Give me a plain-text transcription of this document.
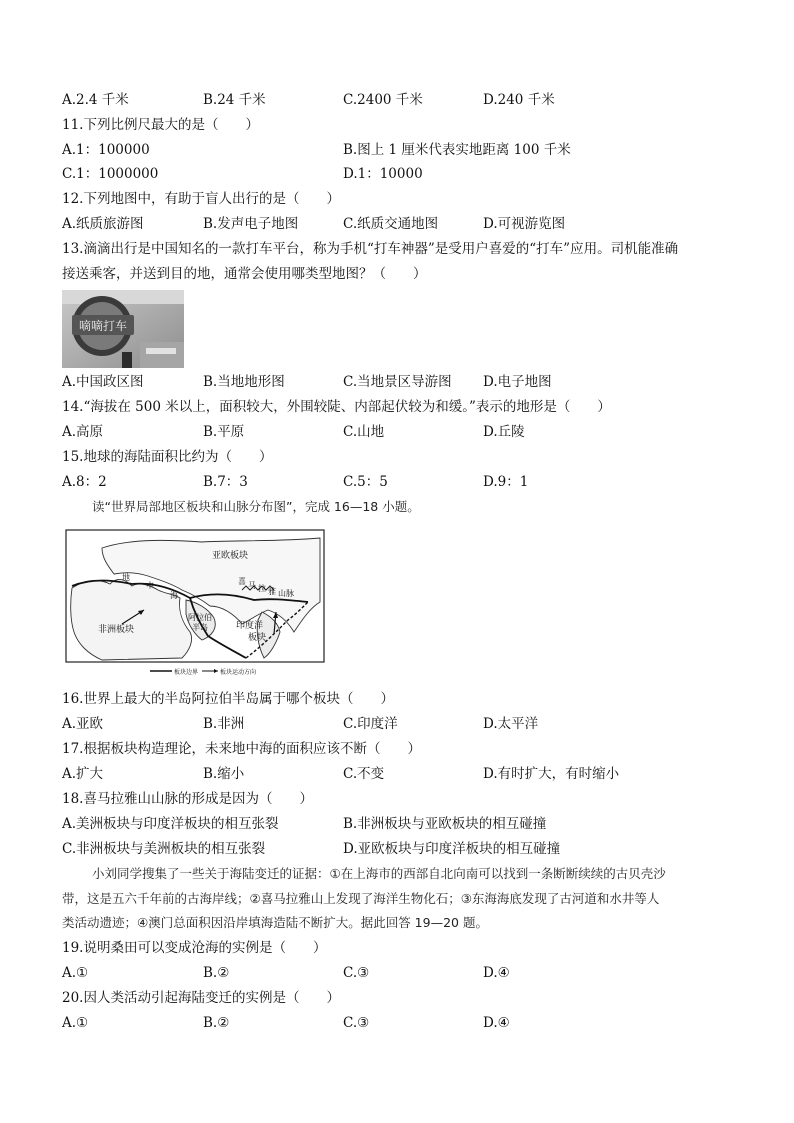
A.2.4 千米	B.24 千米	C.2400 千米	D.240 千米
11.下列比例尺最大的是（　　）
A.1：100000	B.图上 1 厘米代表实地距离 100 千米
C.1：1000000	D.1：10000
12.下列地图中，有助于盲人出行的是（　　）
A.纸质旅游图	B.发声电子地图	C.纸质交通地图	D.可视游览图
13.滴滴出行是中国知名的一款打车平台，称为手机“打车神器”是受用户喜爱的“打车”应用。司机能准确
接送乘客，并送到目的地，通常会使用哪类型地图？（　　）
嘀嘀打车
A.中国政区图	B.当地地形图	C.当地景区导游图 D.电子地图
14.“海拔在 500 米以上，面积较大，外围较陡、内部起伏较为和缓。”表示的地形是（　　）
A.高原	B.平原	C.山地	D.丘陵
15.地球的海陆面积比约为（　　）
A.8：2	B.7：3	C.5：5	D.9：1
读“世界局部地区板块和山脉分布图”，完成 16—18 小题。
亚欧板块
非洲板块	印度洋
板块
阿拉伯
半岛
喜 马 拉 雅 山脉
地
中
海
板块边界	板块运动方向
16.世界上最大的半岛阿拉伯半岛属于哪个板块（　　）
A.亚欧	B.非洲	C.印度洋	D.太平洋
17.根据板块构造理论，未来地中海的面积应该不断（　　）
A.扩大	B.缩小	C.不变	D.有时扩大，有时缩小
18.喜马拉雅山山脉的形成是因为（　　）
A.美洲板块与印度洋板块的相互张裂	B.非洲板块与亚欧板块的相互碰撞
C.非洲板块与美洲板块的相互张裂	D.亚欧板块与印度洋板块的相互碰撞
小刘同学搜集了一些关于海陆变迁的证据：①在上海市的西部自北向南可以找到一条断断续续的古贝壳沙
带，这是五六千年前的古海岸线；②喜马拉雅山上发现了海洋生物化石；③东海海底发现了古河道和水井等人
类活动遗迹；④澳门总面积因沿岸填海造陆不断扩大。据此回答 19—20 题。
19.说明桑田可以变成沧海的实例是（　　）
A.①	B.②	C.③	D.④
20.因人类活动引起海陆变迁的实例是（　　）
A.①	B.②	C.③	D.④
